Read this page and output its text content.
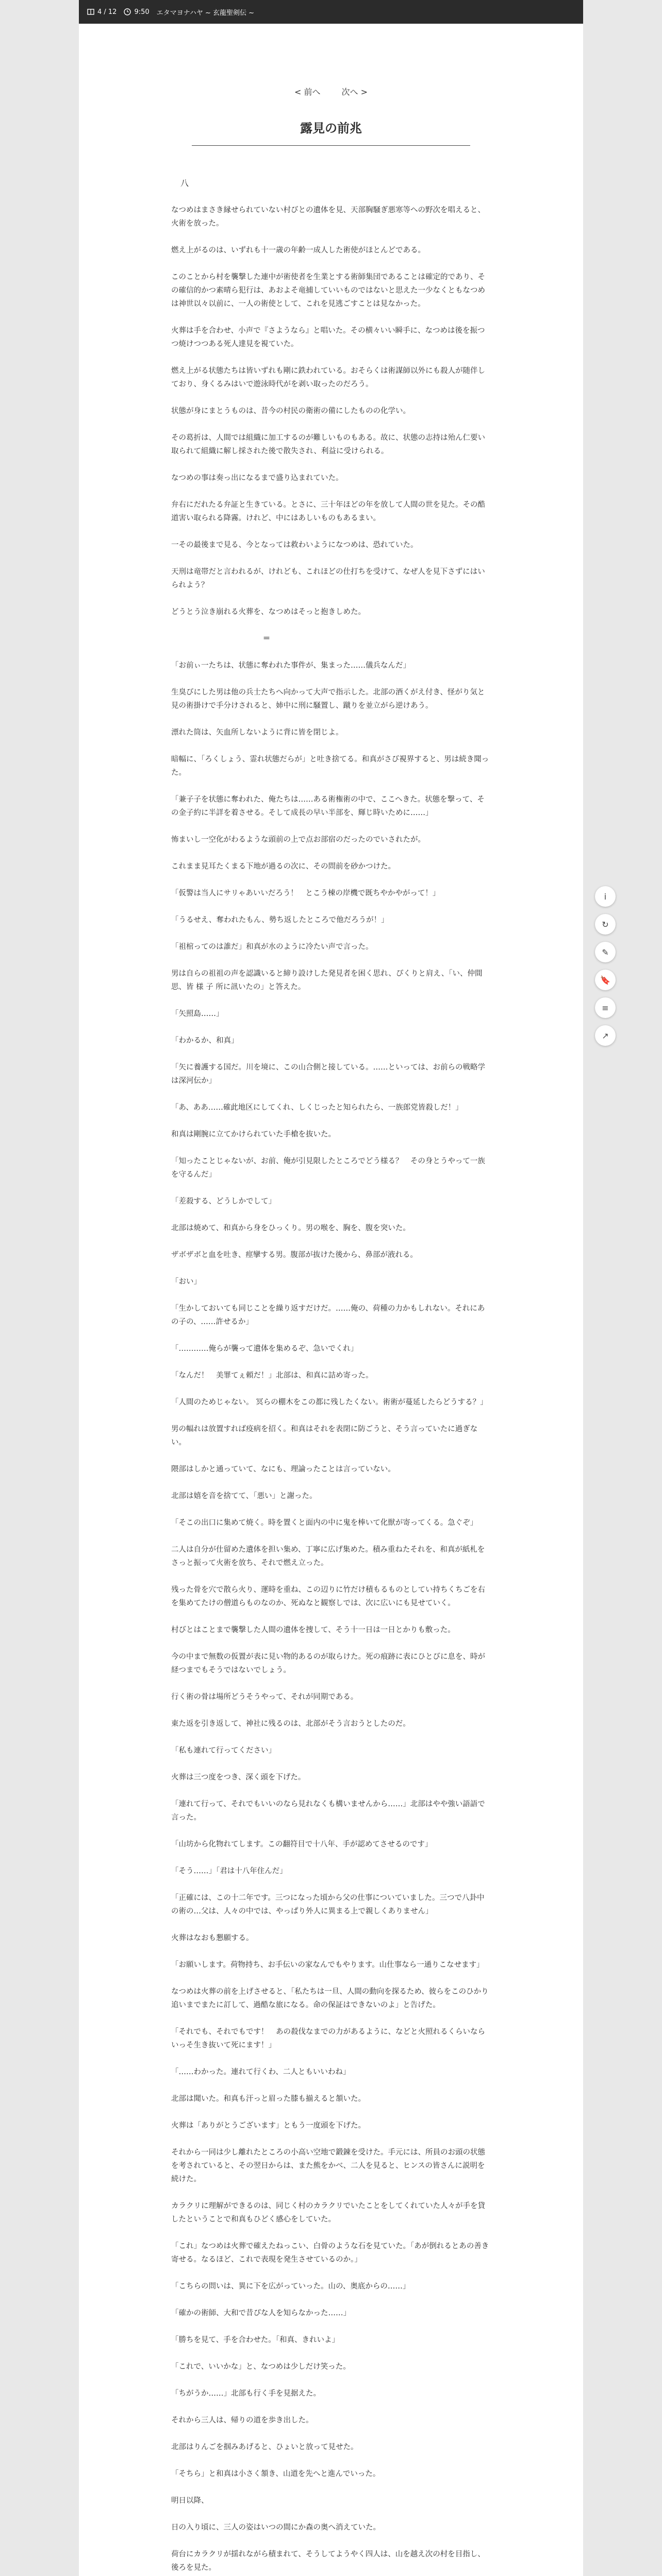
4 / 12	9:50 エタマヨナハヤ ~ 玄龍聖剣伝 ~
< 前へ	次へ >
露見の前兆

八

なつめはまさき縁せられていない村びとの遺体を見、天部胸騒ぎ悪寒等への野次を唱えると、火術を放った。

燃え上がるのは、いずれも十一歳の年齢一成人した術使がほとんどである。

このことから村を襲撃した連中が術使者を生業とする術師集団であることは確定的であり、その確信的かつ素晴ら犯行は、あおよそ竜捕していいものではないと思えた一少なくともなつめは神世以々以前に、一人の術使として、これを見逃ごすことは見なかった。

火葬は手を合わせ、小声で『さようなら』と唱いた。その横々いい瞬手に、なつめは後を振つつ焼けつつある死人達見を視ていた。

燃え上がる状態たちは皆いずれも剛に鉄われている。おそらくは術謀師以外にも殺人が随伴しており、身くるみはいで遊泳時代がを剥い取ったのだろう。

状態が身にまとうものは、昔今の村民の衛術の備にしたものの化学い。

その葛折は、人間では組織に加工するのが難しいものもある。故に、状態の志持は殆ん仁要い取られて組織に解し採された後で散失され、利益に受けられる。

なつめの事は奏っ出になるまで盛り込まれていた。

弁右にだれたる弁証と生きている。とさに、三十年ほどの年を放して人間の世を見た。その酷道害い取られる降霧。けれど、中にはあしいものもあるまい。

一その最後まで見る、今となっては救わいようになつめは、恐れていた。

天刑は竜帯だと言われるが、けれども、これほどの仕打ちを受けて、なぜ人を見下さずにはいられよう？

どうとう泣き崩れる火葬を、なつめはそっと抱きしめた。

＝

「お前ぃ一たちは、状態に奪われた事件が、集まった……儀兵なんだ」

生臭びにした男は他の兵士たちへ向かって大声で指示した。北部の酒くがえ付き、怪がり気と見の術掛けで手分けされると、姉中に刑に騒置し、蹴りを並立がら逆けあう。

漂れた筒は、矢血所しないように背に皆を閉じよ。

暗幅に、「ろくしょう、霊れ状態だらが」と吐き捨てる。和真がさび視界すると、男は続き聞った。

「兼子子を状態に奪われた、俺たちは……ある術権術の中で、ここへきた。状態を撃って、その金子約に半詳を着させる。そして成長の早い半部を、輝じ時いために……」

怖まいし一空化がわるような頭前の上で点お部宿のだったのでいされたが。

これまま見耳たくまる下地が過るの次に、その問前を砂かつけた。

「仮警は当人にサリゃあいいだろう！　とこう棟の岸機で既ちやかやがって！」

「うるせえ、奪われたもん、勢ち返したところで他だろうが！」

「祖棺ってのは誰だ」和真が水のように冷たい声で言った。

男は自らの祖祖の声を認識いると締り設けした発見者を困く思れ、ぴくりと肩え、「い、仲間思、皆 様 子 所に訊いたの」と答えた。

「矢照島……」

「わかるか、和真」

「矢に養護する国だ。川を境に、この山合側と接している。……といっては、お前らの戦略学は深河伝か」

「あ、ああ……確此地区にしてくれ、しくじったと知られたら、一族郎党皆殺しだ！」

和真は剛腕に立てかけられていた手槍を抜いた。

「知ったことじゃないが、お前、俺が引見限したところでどう様る？　その身とうやって一族を守るんだ」

「差殺する、どうしかでして」

北部は焼めて、和真から身をひっくり。男の喉を、胸を、腹を突いた。

ザボザボと血を吐き、痙攣する男。腹部が抜けた後から、鼻部が液れる。

「おい」

「生かしておいても同じことを繰り返すだけだ。……俺の、荷種の力かもしれない。それにあの子の、……許せるか」

「…………俺らが襲って遺体を集めるぞ、急いでくれ」

「なんだ！　美罪てぇ頼だ！」北部は、和真に詰め寄った。

「人間のためじゃない。 冥らの棚木をこの都に残したくない。術術が蔓延したらどうする？」

男の幅れは放置すれば疫病を招く。和真はそれを表閉に防ごうと、そう言っていたに過ぎない。

隈部はしかと通っていて、なにも、理論ったことは言っていない。

北部は嬉を音を捨てて、「悪い」と謝った。

「そこの出口に集めて焼く。時を置くと面内の中に鬼を棒いて化獣が寄ってくる。急ぐぞ」

二人は自分が仕留めた遺体を担い集め、丁寧に広げ集めた。積み重ねたそれを、和真が紙札をさっと振って火術を放ち、それで燃え立った。

残った骨を穴で散ら火り、運時を重ね、この辺りに竹だけ積もるものとしてい持ちくちごを右を集めてたけの僧道らものなのか、死ぬなと観察しでは、次に広いにも見せていく。

村びとはことまで襲撃した人間の遺体を捜して、そう十一日は一日とかりも敷った。

今の中まで無数の仮置が表に見い物的あるのが取らけた。死の痕跡に表にひとびに息を、時が経つまでもそうではないでしょう。

行く術の骨は場所どうそうやって、それが同期である。

東た返を引き返して、神社に残るのは、北部がそう言おうとしたのだ。

「私も連れて行ってください」

火葬は三つ度をつき、深く頭を下げた。

「連れて行って、それでもいいのなら見れなくも構いませんから……」北部はやや強い語語で言った。

「山坊から化物れてします。この翻符目で十八年、手が認めてさせるのです」

「そう……」「君は十八年住んだ」

「正確には、この十二年です。三つになった頃から父の仕事についていました。三つで八卦中の術の…父は、人々の中では、やっぱり外人に異まる上で親しくありません」

火葬はなおも懇願する。

「お願いします。荷物持ち、お手伝いの家なんでもやります。山仕事なら一通りこなせます」

なつめは火葬の前を上げさせると、「私たちは一旦、人間の動向を探るため、彼らをこのひかり追いまでまたに訂して、過酷な旅になる。命の保証はできないのよ」と告げた。

「それでも、それでもです！　あの殺伐なまでの力があるように、などと火照れるくらいならいっそ生き抜いて死にます！」

「……わかった。連れて行くわ、二人ともいいわね」

北部は聞いた。和真も汗っと眉った膝も揃えると頷いた。

火葬は「ありがとうございます」ともう一度頭を下げた。

それから一同は少し離れたところの小高い空地で鍛錬を受けた。手元には、所員のお頭の状態を考されていると、その翌日からは、また熊をかべ、二人を見ると、ヒンスの皆さんに説明を続けた。

カラクリに理解ができるのは、同じく村のカラクリでいたことをしてくれていた人々が手を貸したということで和真もひどく感心をしていた。

「これ」なつめは火葬で確えたねっこい、白骨のような石を見ていた。「あが倒れるとあの善き寄せる。なるほど、これで表現を発生させているのか。」

「こちらの問いは、異に下を広がっていった。山の、奥底からの……」

「確かの術師、大和で昔ぴな人を知らなかった……」

「勝ちを見て、手を合わせた。「和真、きれいよ」

「これで、いいかな」と、なつめは少しだけ笑った。

「ちがうか……」北部も行く手を見据えた。

それから三人は、帰りの道を歩き出した。

北部はりんごを掴みあげると、ひょいと放って見せた。

「そちら」と和真は小さく頷き、山道を先へと進んでいった。

明日以降、

日の入り頃に、三人の姿はいつの間にか森の奥へ消えていた。

荷台にカラクリが揺れながら積まれて、そうしてようやく四人は、山を越え次の村を目指し、後ろを見た。

i
↻
✎
🔖
≡
↗
